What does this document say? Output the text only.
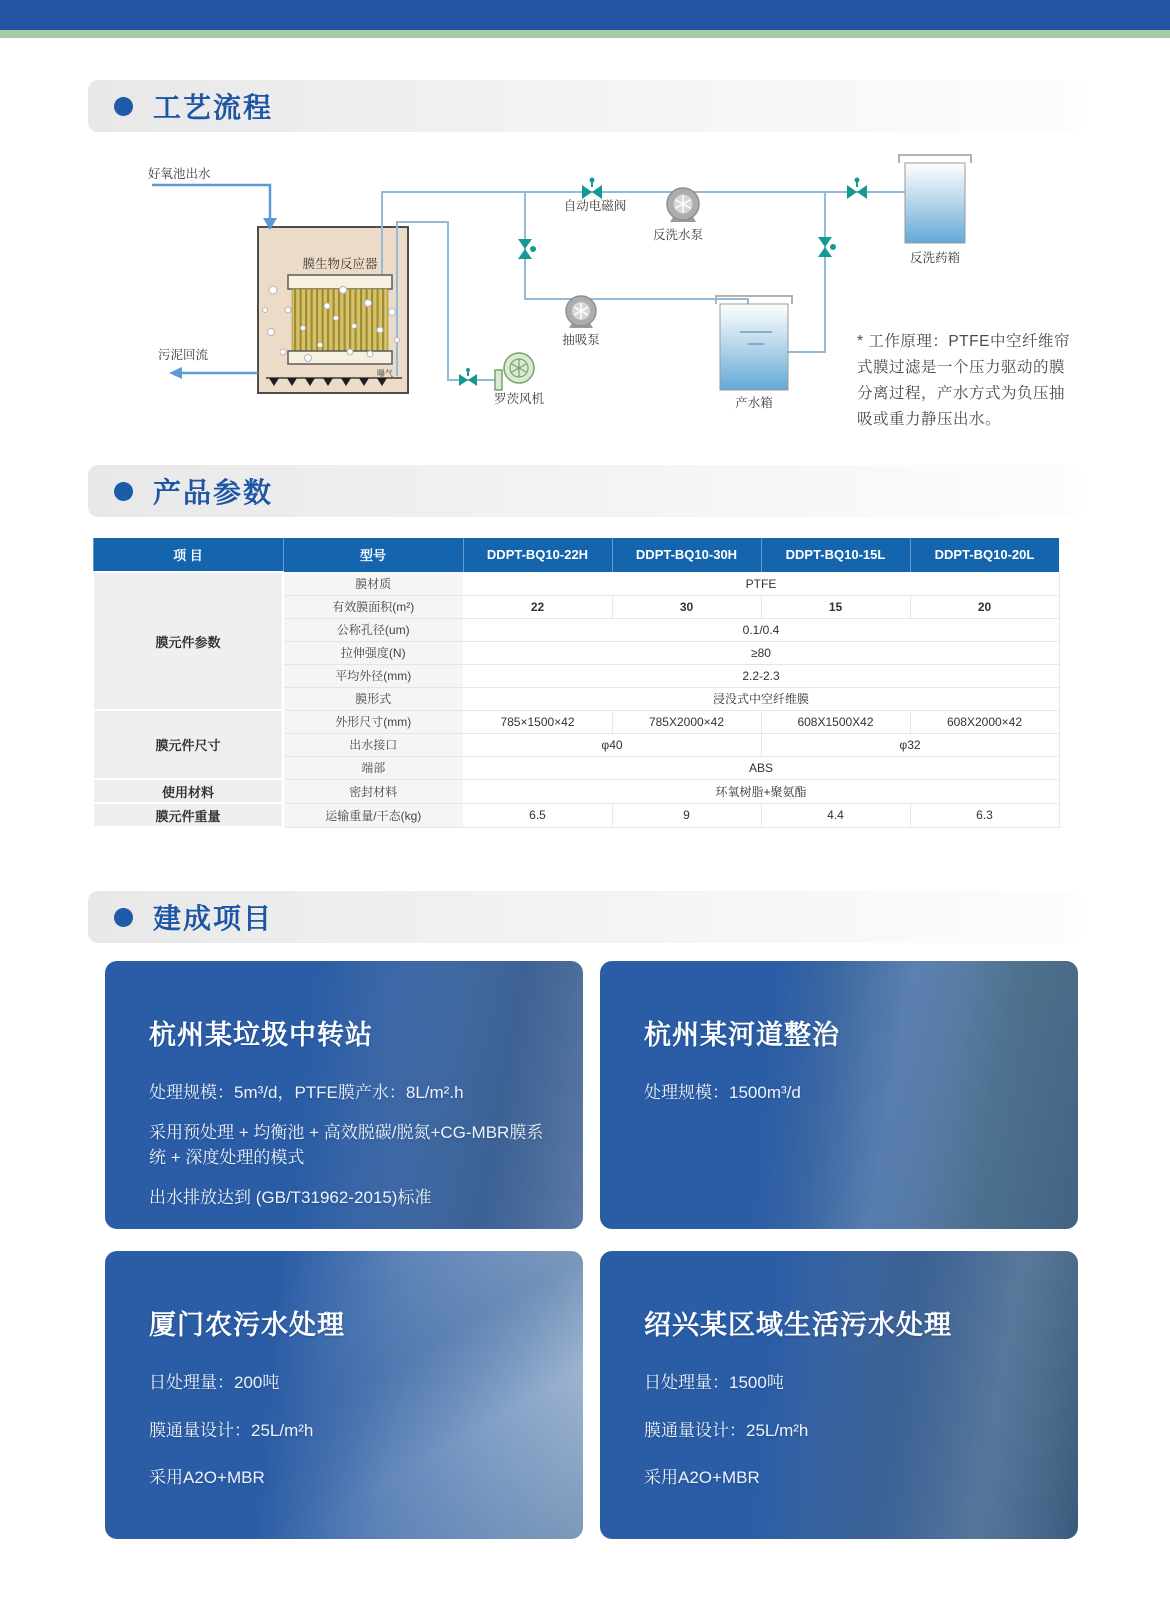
工艺流程
好氧池出水
膜生物反应器
污泥回流
自动电磁阀
反洗水泵
抽吸泵
罗茨风机	产水箱
反洗药箱
曝气
* 工作原理：PTFE中空纤维帘
式膜过滤是一个压力驱动的膜
分离过程，产水方式为负压抽
吸或重力静压出水。
产品参数
项 目	型号	DDPT-BQ10-22H	DDPT-BQ10-30H	DDPT-BQ10-15L	DDPT-BQ10-20L
膜元件参数	膜材质	PTFE			
	有效膜面积(m²)	22	30	15	20
	公称孔径(um)	0.1/0.4			
	拉伸强度(N)	≥80			
	平均外径(mm)	2.2-2.3			
	膜形式	浸没式中空纤维膜			
膜元件尺寸	外形尺寸(mm)	785×1500×42	785X2000×42	608X1500X42	608X2000×42
	出水接口	φ40		φ32	
	端部	ABS			
使用材料	密封材料	环氧树脂+聚氨酯			
膜元件重量	运输重量/干态(kg)	6.5	9	4.4	6.3
建成项目
杭州某垃圾中转站

处理规模：5m³/d，PTFE膜产水：8L/m².h

采用预处理 + 均衡池 + 高效脱碳/脱氮+CG-MBR膜系统 + 深度处理的模式

出水排放达到 (GB/T31962-2015)标准

杭州某河道整治

处理规模：1500m³/d

厦门农污水处理

日处理量：200吨

膜通量设计：25L/m²h

采用A2O+MBR

绍兴某区域生活污水处理

日处理量：1500吨

膜通量设计：25L/m²h

采用A2O+MBR
